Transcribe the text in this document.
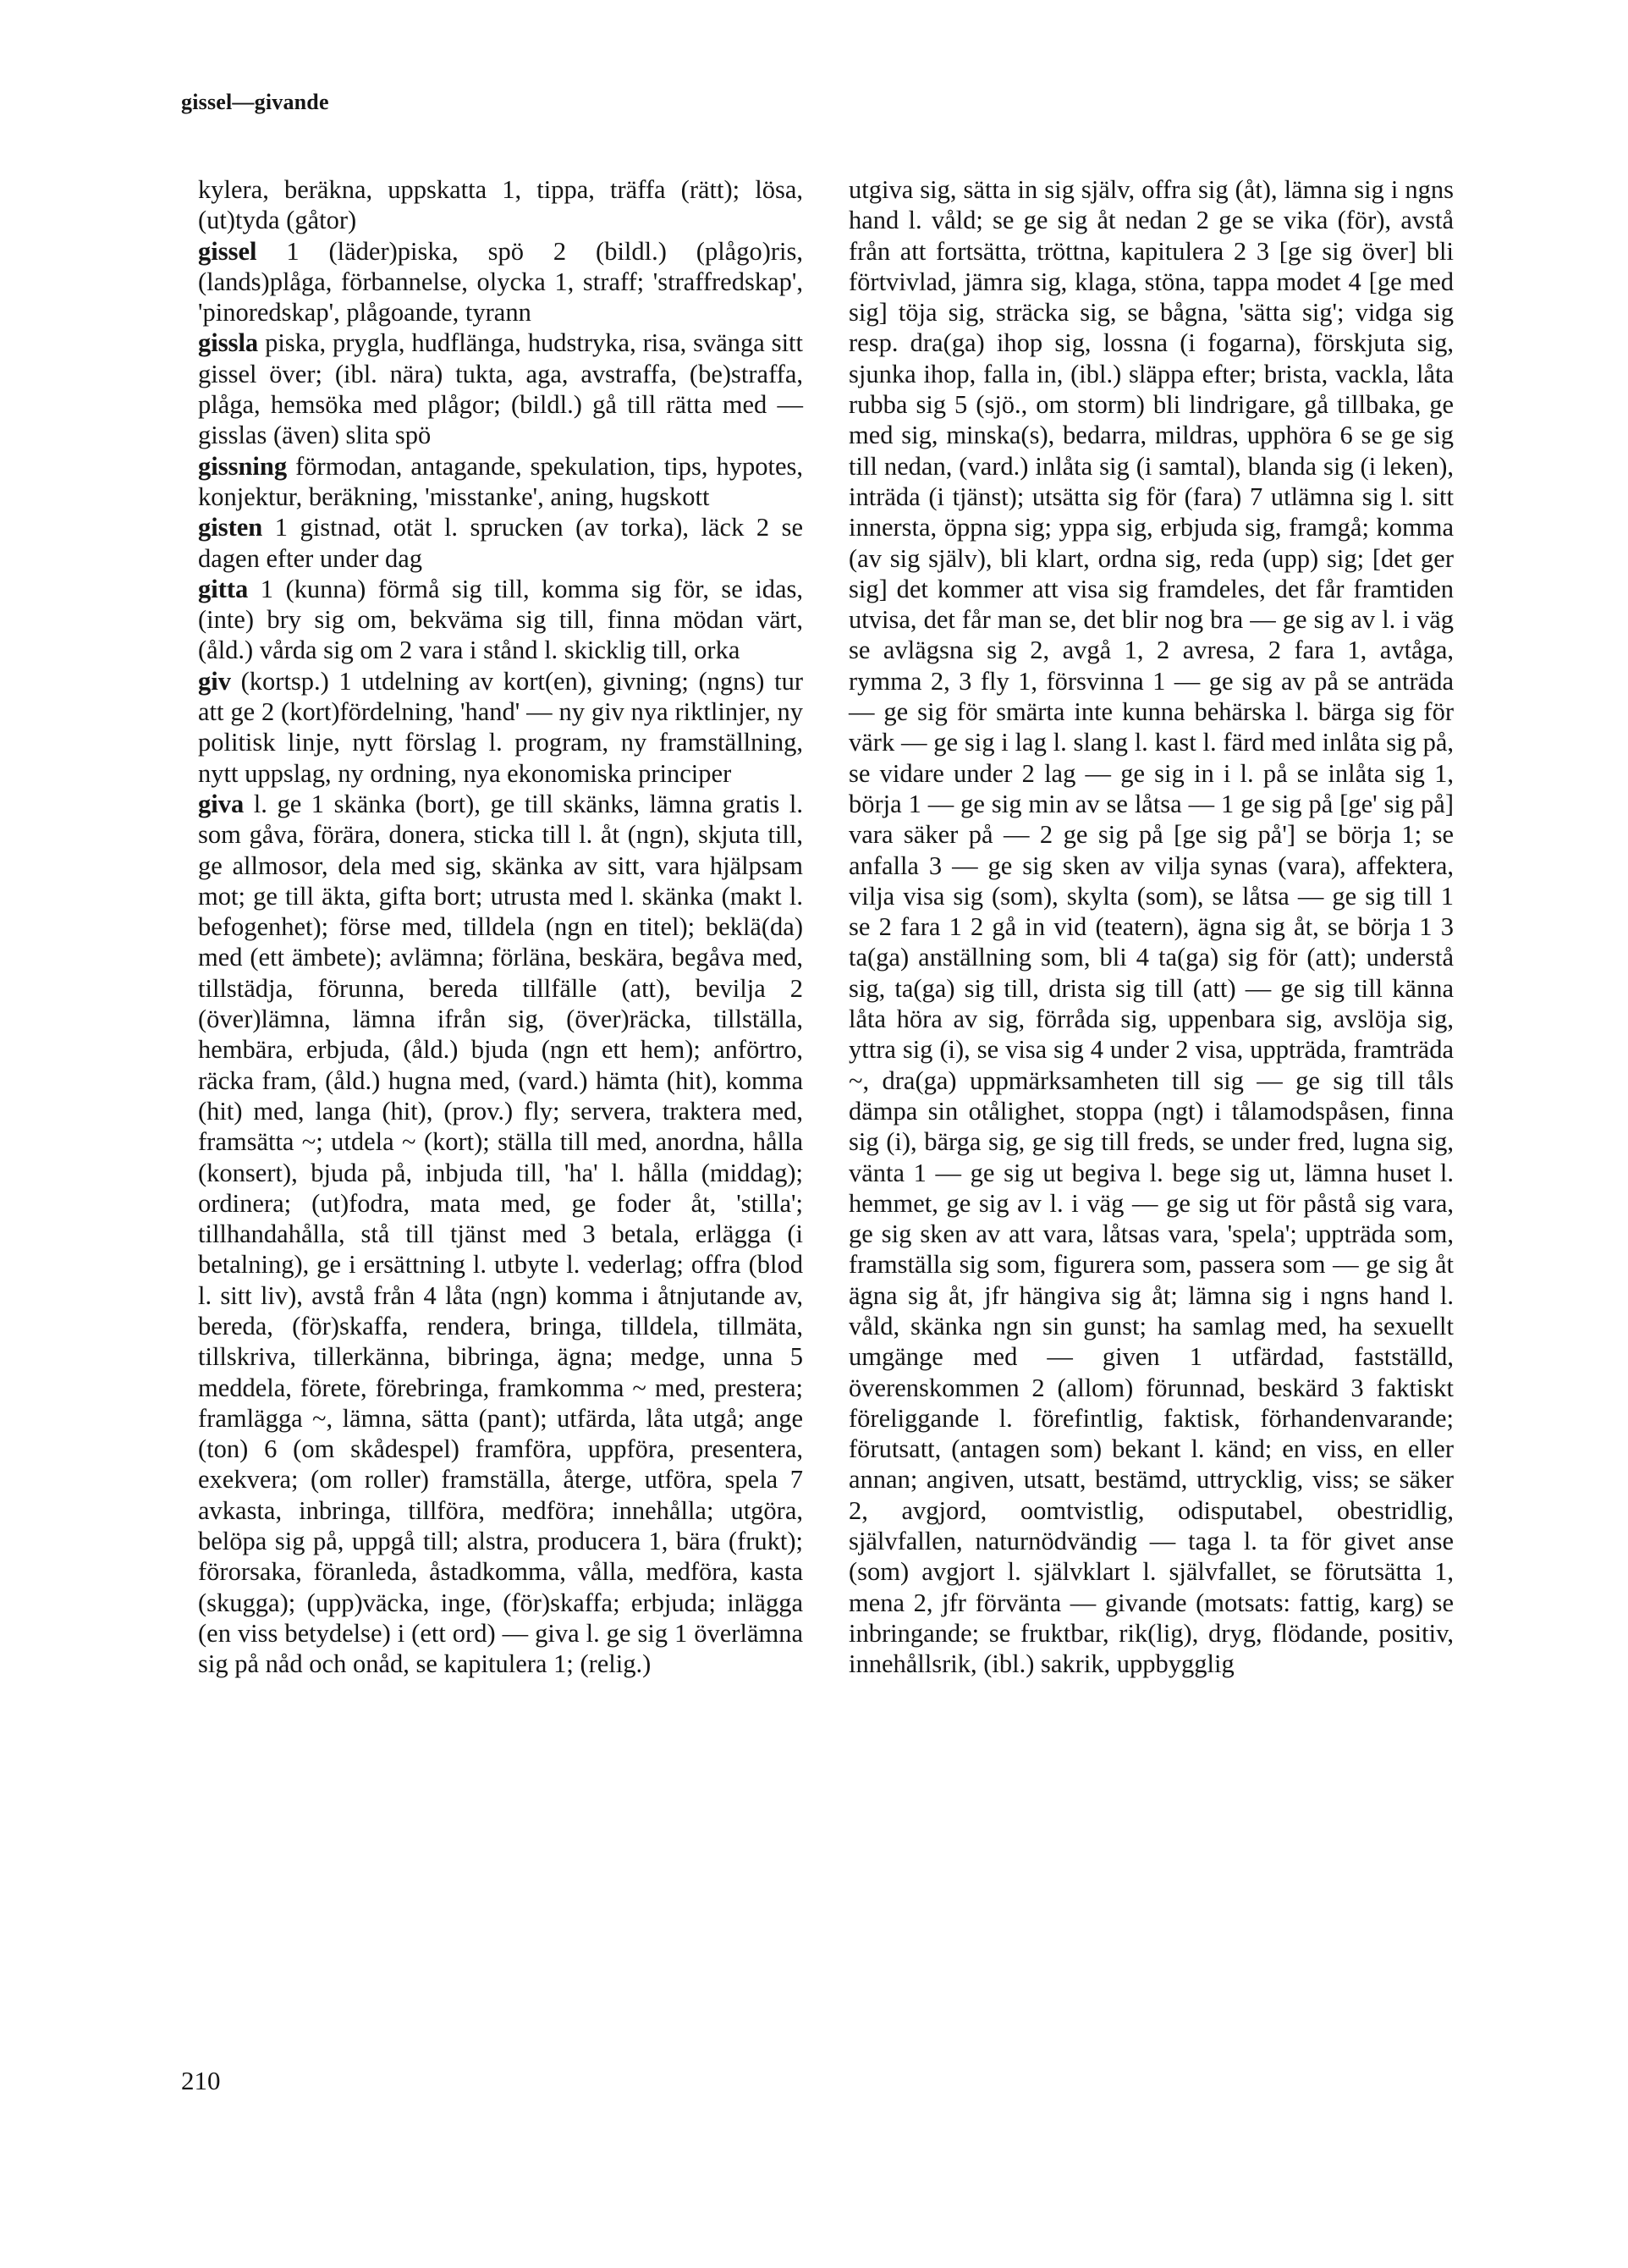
gissel—givande

kylera, beräkna, uppskatta 1, tippa, träffa (rätt); lösa, (ut)tyda (gåtor)

gissel 1 (läder)piska, spö 2 (bildl.) (plågo)ris, (lands)plåga, förbannelse, olycka 1, straff; 'straffredskap', 'pinoredskap', plågoande, tyrann

gissla piska, prygla, hudflänga, hudstryka, risa, svänga sitt gissel över; (ibl. nära) tukta, aga, avstraffa, (be)straffa, plåga, hemsöka med plågor; (bildl.) gå till rätta med — gisslas (även) slita spö

gissning förmodan, antagande, spekulation, tips, hypotes, konjektur, beräkning, 'misstanke', aning, hugskott

gisten 1 gistnad, otät l. sprucken (av torka), läck 2 se dagen efter under dag

gitta 1 (kunna) förmå sig till, komma sig för, se idas, (inte) bry sig om, bekväma sig till, finna mödan värt, (åld.) vårda sig om 2 vara i stånd l. skicklig till, orka

giv (kortsp.) 1 utdelning av kort(en), givning; (ngns) tur att ge 2 (kort)fördelning, 'hand' — ny giv nya riktlinjer, ny politisk linje, nytt förslag l. program, ny framställning, nytt uppslag, ny ordning, nya ekonomiska principer

giva l. ge 1 skänka (bort), ge till skänks, lämna gratis l. som gåva, förära, donera, sticka till l. åt (ngn), skjuta till, ge allmosor, dela med sig, skänka av sitt, vara hjälpsam mot; ge till äkta, gifta bort; utrusta med l. skänka (makt l. befogenhet); förse med, tilldela (ngn en titel); beklä(da) med (ett ämbete); avlämna; förläna, beskära, begåva med, tillstädja, förunna, bereda tillfälle (att), bevilja 2 (över)lämna, lämna ifrån sig, (över)räcka, tillställa, hembära, erbjuda, (åld.) bjuda (ngn ett hem); anförtro, räcka fram, (åld.) hugna med, (vard.) hämta (hit), komma (hit) med, langa (hit), (prov.) fly; servera, traktera med, framsätta ~; utdela ~ (kort); ställa till med, anordna, hålla (konsert), bjuda på, inbjuda till, 'ha' l. hålla (middag); ordinera; (ut)fodra, mata med, ge foder åt, 'stilla'; tillhandahålla, stå till tjänst med 3 betala, erlägga (i betalning), ge i ersättning l. utbyte l. vederlag; offra (blod l. sitt liv), avstå från 4 låta (ngn) komma i åtnjutande av, bereda, (för)skaffa, rendera, bringa, tilldela, tillmäta, tillskriva, tillerkänna, bibringa, ägna; medge, unna 5 meddela, förete, förebringa, framkomma ~ med, prestera; framlägga ~, lämna, sätta (pant); utfärda, låta utgå; ange (ton) 6 (om skådespel) framföra, uppföra, presentera, exekvera; (om roller) framställa, återge, utföra, spela 7 avkasta, inbringa, tillföra, medföra; innehålla; utgöra, belöpa sig på, uppgå till; alstra, producera 1, bära (frukt); förorsaka, föranleda, åstadkomma, vålla, medföra, kasta (skugga); (upp)väcka, inge, (för)skaffa; erbjuda; inlägga (en viss betydelse) i (ett ord) — giva l. ge sig 1 överlämna sig på nåd och onåd, se kapitulera 1; (relig.)

utgiva sig, sätta in sig själv, offra sig (åt), lämna sig i ngns hand l. våld; se ge sig åt nedan 2 ge se vika (för), avstå från att fortsätta, tröttna, kapitulera 2 3 [ge sig över] bli förtvivlad, jämra sig, klaga, stöna, tappa modet 4 [ge med sig] töja sig, sträcka sig, se bågna, 'sätta sig'; vidga sig resp. dra(ga) ihop sig, lossna (i fogarna), förskjuta sig, sjunka ihop, falla in, (ibl.) släppa efter; brista, vackla, låta rubba sig 5 (sjö., om storm) bli lindrigare, gå tillbaka, ge med sig, minska(s), bedarra, mildras, upphöra 6 se ge sig till nedan, (vard.) inlåta sig (i samtal), blanda sig (i leken), inträda (i tjänst); utsätta sig för (fara) 7 utlämna sig l. sitt innersta, öppna sig; yppa sig, erbjuda sig, framgå; komma (av sig själv), bli klart, ordna sig, reda (upp) sig; [det ger sig] det kommer att visa sig framdeles, det får framtiden utvisa, det får man se, det blir nog bra — ge sig av l. i väg se avlägsna sig 2, avgå 1, 2 avresa, 2 fara 1, avtåga, rymma 2, 3 fly 1, försvinna 1 — ge sig av på se anträda — ge sig för smärta inte kunna behärska l. bärga sig för värk — ge sig i lag l. slang l. kast l. färd med inlåta sig på, se vidare under 2 lag — ge sig in i l. på se inlåta sig 1, börja 1 — ge sig min av se låtsa — 1 ge sig på [ge' sig på] vara säker på — 2 ge sig på [ge sig på'] se börja 1; se anfalla 3 — ge sig sken av vilja synas (vara), affektera, vilja visa sig (som), skylta (som), se låtsa — ge sig till 1 se 2 fara 1 2 gå in vid (teatern), ägna sig åt, se börja 1 3 ta(ga) anställning som, bli 4 ta(ga) sig för (att); understå sig, ta(ga) sig till, drista sig till (att) — ge sig till känna låta höra av sig, förråda sig, uppenbara sig, avslöja sig, yttra sig (i), se visa sig 4 under 2 visa, uppträda, framträda ~, dra(ga) uppmärksamheten till sig — ge sig till tåls dämpa sin otålighet, stoppa (ngt) i tålamodspåsen, finna sig (i), bärga sig, ge sig till freds, se under fred, lugna sig, vänta 1 — ge sig ut begiva l. bege sig ut, lämna huset l. hemmet, ge sig av l. i väg — ge sig ut för påstå sig vara, ge sig sken av att vara, låtsas vara, 'spela'; uppträda som, framställa sig som, figurera som, passera som — ge sig åt ägna sig åt, jfr hängiva sig åt; lämna sig i ngns hand l. våld, skänka ngn sin gunst; ha samlag med, ha sexuellt umgänge med — given 1 utfärdad, fastställd, överenskommen 2 (allom) förunnad, beskärd 3 faktiskt föreliggande l. förefintlig, faktisk, förhandenvarande; förutsatt, (antagen som) bekant l. känd; en viss, en eller annan; angiven, utsatt, bestämd, uttrycklig, viss; se säker 2, avgjord, oomtvistlig, odisputabel, obestridlig, självfallen, naturnödvändig — taga l. ta för givet anse (som) avgjort l. självklart l. självfallet, se förutsätta 1, mena 2, jfr förvänta — givande (motsats: fattig, karg) se inbringande; se fruktbar, rik(lig), dryg, flödande, positiv, innehållsrik, (ibl.) sakrik, uppbygglig

210
